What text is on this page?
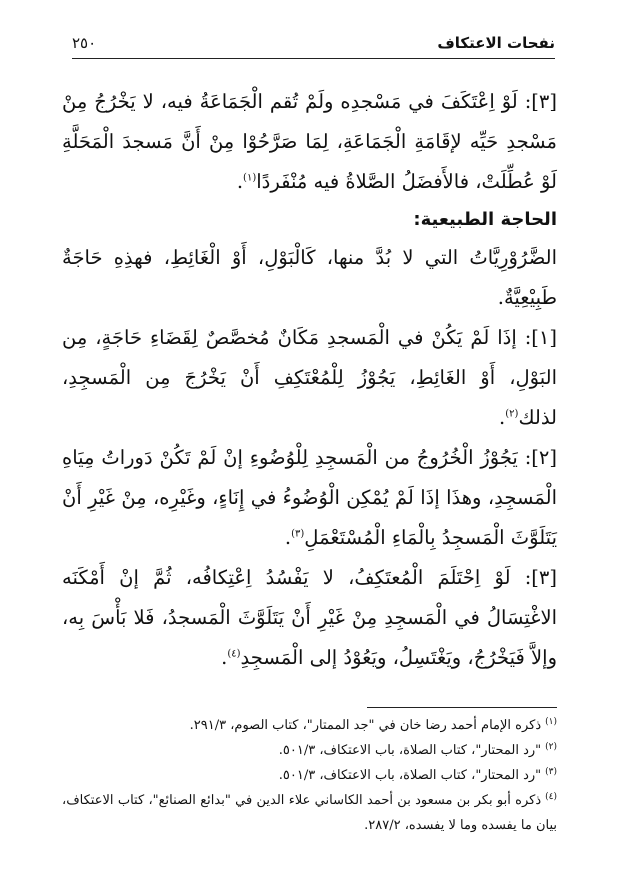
نفحات الاعتكاف
٢٥٠

[٣]: لَوْ اِعْتَكَفَ في مَسْجدِه ولَمْ تُقم الْجَمَاعَةُ فيه، لا يَخْرُجُ مِنْ مَسْجدِ حَيِّه لإقَامَةِ الْجَمَاعَةِ، لِمَا صَرَّحُوْا مِنْ أَنَّ مَسجدَ الْمَحَلَّةِ لَوْ عُطِّلَتْ، فالأَفضَلُ الصَّلاةُ فيه مُنْفَردًا$^{(١)}$.

الحاجة الطبيعية:

الضَّرُوْرِيَّاتُ التي لا بُدَّ منها، كَالْبَوْلِ، أَوْ الْغَائِطِ، فهذِهِ حَاجَةٌ طَبِيْعِيَّةٌ.

[١]: إذَا لَمْ يَكُنْ في الْمَسجدِ مَكَانٌ مُخصَّصٌ لِقَضَاءِ حَاجَةٍ، مِن البَوْلِ، أَوْ الغَائِطِ، يَجُوْزُ لِلْمُعْتَكِفِ أَنْ يَخْرُجَ مِن الْمَسجِدِ، لذلك$^{(٢)}$.

[٢]: يَجُوْزُ الْخُرُوجُ من الْمَسجِدِ لِلْوُضُوءِ إنْ لَمْ تَكُنْ دَوراتُ مِيَاهِ الْمَسجِدِ، وهذَا إذَا لَمْ يُمْكِن الْوُضُوءُ في إِنَاءٍ، وغَيْرِه، مِنْ غَيْرِ أَنْ يَتَلَوَّثَ الْمَسجِدُ بِالْمَاءِ الْمُسْتَعْمَلِ$^{(٣)}$.

[٣]: لَوْ اِحْتَلَمَ الْمُعتَكِفُ، لا يَفْسُدُ اِعْتِكافُه، ثُمَّ إنْ أَمْكَنَه الاغْتِسَالُ في الْمَسجِدِ مِنْ غَيْرِ أَنْ يَتَلَوَّثَ الْمَسجدُ، فَلا بَأْسَ بِه، وإلاَّ فَيَخْرُجُ، ويَغْتَسِلُ، ويَعُوْدُ إلى الْمَسجِدِ$^{(٤)}$.

$^{(١)}$ذكره الإمام أحمد رضا خان في "جد الممتار"، كتاب الصوم، ٢٩١/٣.

$^{(٢)}$"رد المحتار"، كتاب الصلاة، باب الاعتكاف، ٥٠١/٣.

$^{(٣)}$"رد المحتار"، كتاب الصلاة، باب الاعتكاف، ٥٠١/٣.

$^{(٤)}$ذكره أبو بكر بن مسعود بن أحمد الكاساني علاء الدين في "بدائع الصنائع"، كتاب الاعتكاف، بيان ما يفسده وما لا يفسده، ٢٨٧/٢.
